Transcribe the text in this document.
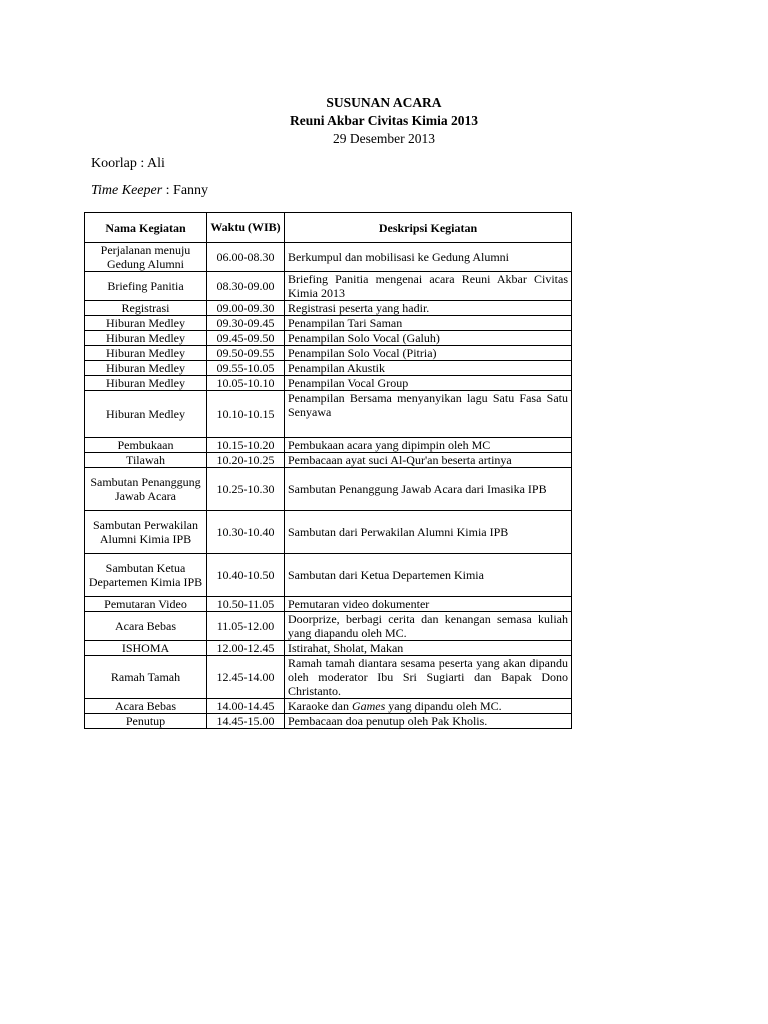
SUSUNAN ACARA
Reuni Akbar Civitas Kimia 2013
29 Desember 2013
Koorlap : Ali
Time Keeper : Fanny
Nama Kegiatan	Waktu (WIB)	Deskripsi Kegiatan
Perjalanan menuju Gedung Alumni	06.00-08.30	Berkumpul dan mobilisasi ke Gedung Alumni
Briefing Panitia	08.30-09.00	Briefing Panitia mengenai acara Reuni Akbar Civitas Kimia 2013
Registrasi	09.00-09.30	Registrasi peserta yang hadir.
Hiburan Medley	09.30-09.45	Penampilan Tari Saman
Hiburan Medley	09.45-09.50	Penampilan Solo Vocal (Galuh)
Hiburan Medley	09.50-09.55	Penampilan Solo Vocal (Pitria)
Hiburan Medley	09.55-10.05	Penampilan Akustik
Hiburan Medley	10.05-10.10	Penampilan Vocal Group
Hiburan Medley	10.10-10.15	Penampilan Bersama menyanyikan lagu Satu Fasa Satu Senyawa
Pembukaan	10.15-10.20	Pembukaan acara yang dipimpin oleh MC
Tilawah	10.20-10.25	Pembacaan ayat suci Al-Qur'an beserta artinya
Sambutan Penanggung Jawab Acara	10.25-10.30	Sambutan Penanggung Jawab Acara dari Imasika IPB
Sambutan Perwakilan Alumni Kimia IPB	10.30-10.40	Sambutan dari Perwakilan Alumni Kimia IPB
Sambutan Ketua Departemen Kimia IPB	10.40-10.50	Sambutan dari Ketua Departemen Kimia
Pemutaran Video	10.50-11.05	Pemutaran video dokumenter
Acara Bebas	11.05-12.00	Doorprize, berbagi cerita dan kenangan semasa kuliah yang diapandu oleh MC.
ISHOMA	12.00-12.45	Istirahat, Sholat, Makan
Ramah Tamah	12.45-14.00	Ramah tamah diantara sesama peserta yang akan dipandu oleh moderator Ibu Sri Sugiarti dan Bapak Dono Christanto.
Acara Bebas	14.00-14.45	Karaoke dan Games yang dipandu oleh MC.
Penutup	14.45-15.00	Pembacaan doa penutup oleh Pak Kholis.
